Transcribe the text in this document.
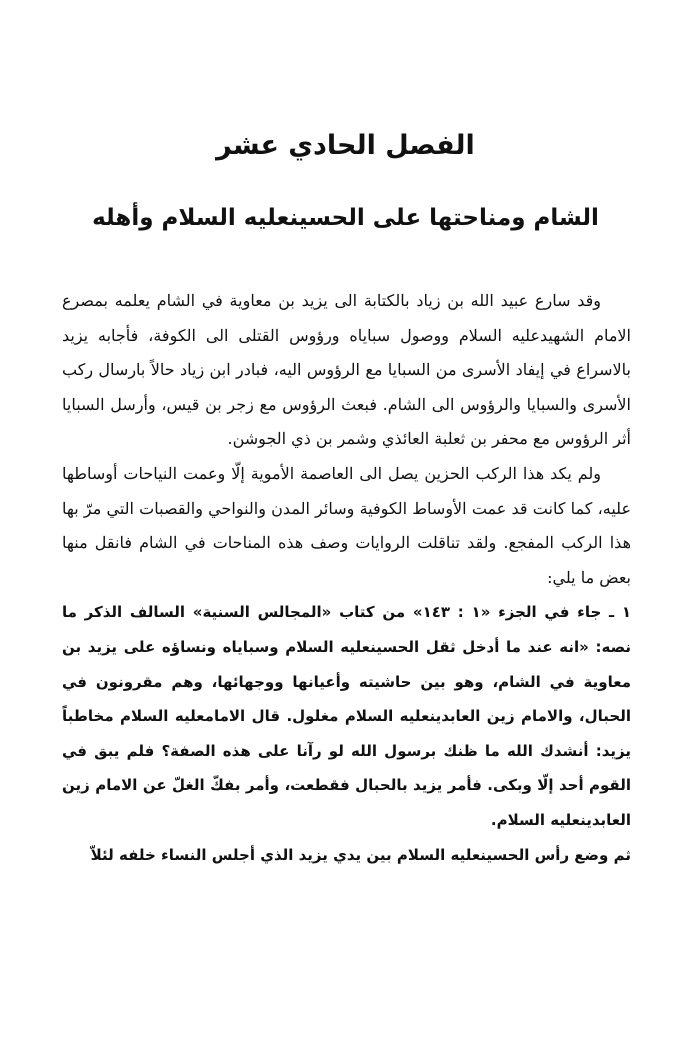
الفصل الحادي عشر
الشام ومناحتها على الحسينعليه السلام وأهله

وقد سارع عبيد الله بن زياد بالكتابة الى يزيد بن معاوية في الشام يعلمه بمصرع الامام الشهيدعليه السلام ووصول سباياه ورؤوس القتلى الى الكوفة، فأجابه يزيد بالاسراع في إيفاد الأسرى من السبايا مع الرؤوس اليه، فبادر ابن زياد حالاً بارسال ركب الأسرى والسبايا والرؤوس الى الشام. فبعث الرؤوس مع زجر بن قيس، وأرسل السبايا أثر الرؤوس مع محفر بن ثعلبة العائذي وشمر بن ذي الجوشن.

ولم يكد هذا الركب الحزين يصل الى العاصمة الأموية إلّا وعمت النياحات أوساطها عليه، كما كانت قد عمت الأوساط الكوفية وسائر المدن والنواحي والقصبات التي مرّ بها هذا الركب المفجع. ولقد تناقلت الروايات وصف هذه المناحات في الشام فانقل منها بعض ما يلي:

١ ـ جاء في الجزء «١ : ١٤٣» من كتاب «المجالس السنية» السالف الذكر ما نصه: «انه عند ما أدخل ثقل الحسينعليه السلام وسباياه ونساؤه على يزيد بن معاوية في الشام، وهو بين حاشيته وأعيانها ووجهائها، وهم مقرونون في الحبال، والامام زين العابدينعليه السلام مغلول. قال الامامعليه السلام مخاطباً يزيد: أنشدك الله ما ظنك برسول الله لو رآنا على هذه الصفة؟ فلم يبق في القوم أحد إلّا وبكى. فأمر يزيد بالحبال فقطعت، وأمر بفكّ الغلّ عن الامام زين العابدينعليه السلام.

ثم وضع رأس الحسينعليه السلام بين يدي يزيد الذي أجلس النساء خلفه لئلاّ
